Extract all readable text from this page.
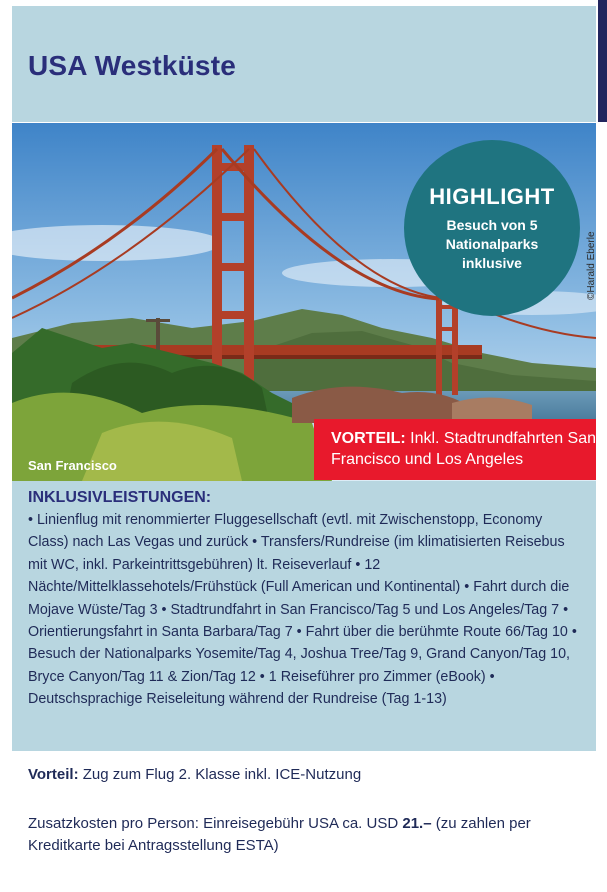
USA Westküste
HIGHLIGHT
Besuch von 5 Nationalparks inklusive	©Harald Eberle
San Francisco
VORTEIL: Inkl. Stadtrundfahrten San Francisco und Los Angeles
INKLUSIVLEISTUNGEN:

• Linienflug mit renommierter Fluggesellschaft (evtl. mit Zwischenstopp, Economy Class) nach Las Vegas und zurück • Transfers/Rundreise (im klimatisierten Reisebus mit WC, inkl. Parkeintrittsgebühren) lt. Reiseverlauf • 12 Nächte/Mittelklassehotels/Frühstück (Full American und Kontinental) • Fahrt durch die Mojave Wüste/Tag 3 • Stadtrundfahrt in San Francisco/Tag 5 und Los Angeles/Tag 7 • Orientierungsfahrt in Santa Barbara/Tag 7 • Fahrt über die berühmte Route 66/Tag 10 • Besuch der Nationalparks Yosemite/Tag 4, Joshua Tree/Tag 9, Grand Canyon/Tag 10, Bryce Canyon/Tag 11 & Zion/Tag 12 • 1 Reiseführer pro Zimmer (eBook) • Deutschsprachige Reiseleitung während der Rundreise (Tag 1-13)

Vorteil: Zug zum Flug 2. Klasse inkl. ICE-Nutzung
Zusatzkosten pro Person: Einreisegebühr USA ca. USD 21.– (zu zahlen per Kreditkarte bei Antragsstellung ESTA)
